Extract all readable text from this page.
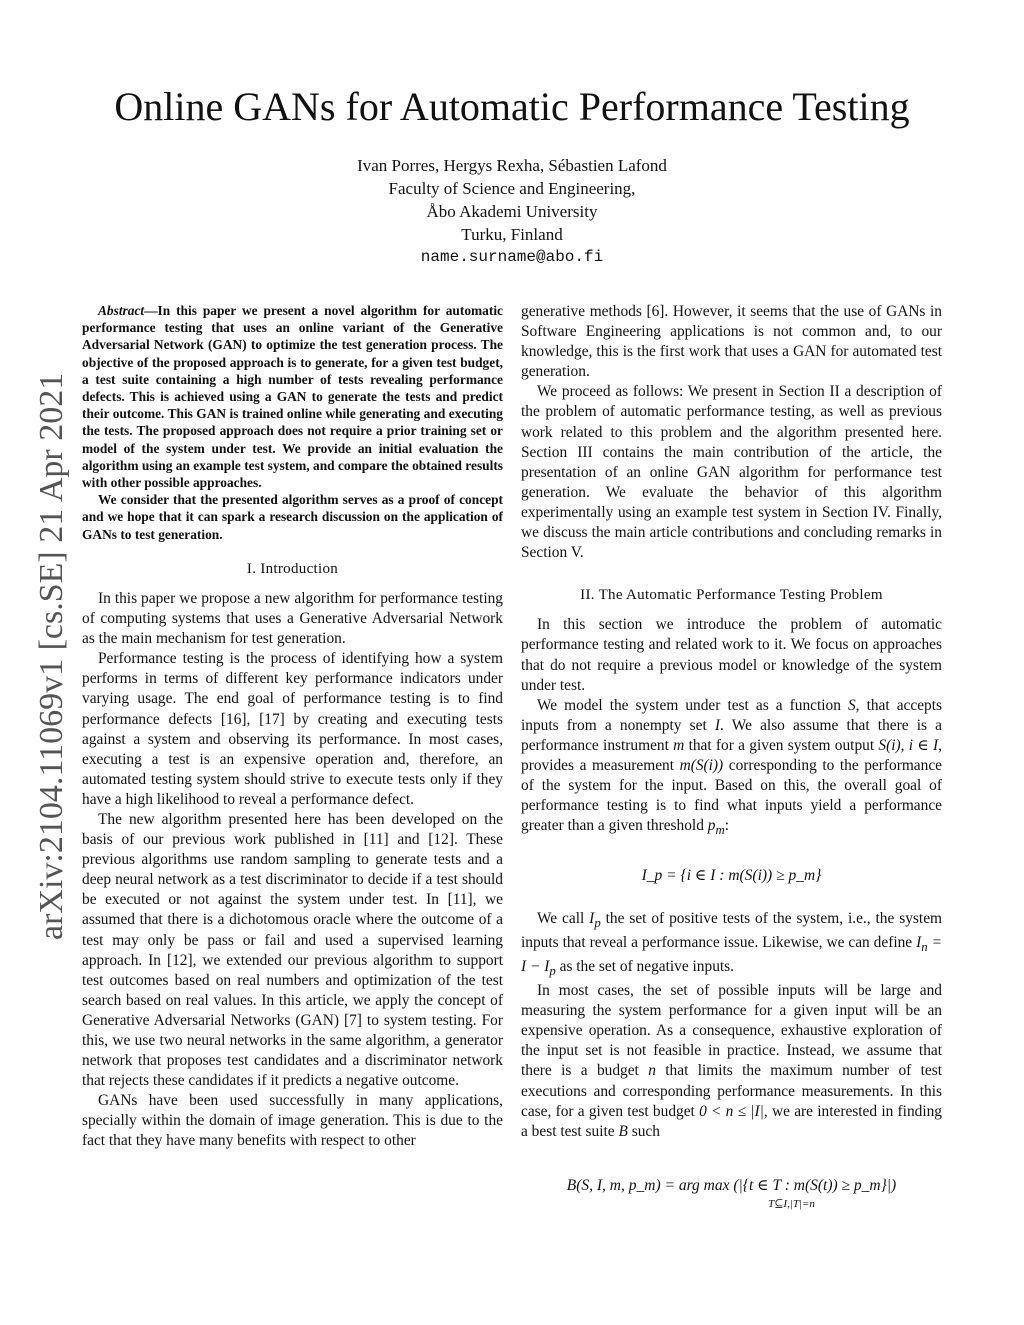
Online GANs for Automatic Performance Testing
Ivan Porres, Hergys Rexha, Sébastien Lafond
Faculty of Science and Engineering,
Åbo Akademi University
Turku, Finland
name.surname@abo.fi
arXiv:2104.11069v1 [cs.SE] 21 Apr 2021

Abstract—In this paper we present a novel algorithm for automatic performance testing that uses an online variant of the Generative Adversarial Network (GAN) to optimize the test generation process. The objective of the proposed approach is to generate, for a given test budget, a test suite containing a high number of tests revealing performance defects. This is achieved using a GAN to generate the tests and predict their outcome. This GAN is trained online while generating and executing the tests. The proposed approach does not require a prior training set or model of the system under test. We provide an initial evaluation the algorithm using an example test system, and compare the obtained results with other possible approaches.

We consider that the presented algorithm serves as a proof of concept and we hope that it can spark a research discussion on the application of GANs to test generation.

I. Introduction

In this paper we propose a new algorithm for performance testing of computing systems that uses a Generative Adversarial Network as the main mechanism for test generation.

Performance testing is the process of identifying how a system performs in terms of different key performance indicators under varying usage. The end goal of performance testing is to find performance defects [16], [17] by creating and executing tests against a system and observing its performance. In most cases, executing a test is an expensive operation and, therefore, an automated testing system should strive to execute tests only if they have a high likelihood to reveal a performance defect.

The new algorithm presented here has been developed on the basis of our previous work published in [11] and [12]. These previous algorithms use random sampling to generate tests and a deep neural network as a test discriminator to decide if a test should be executed or not against the system under test. In [11], we assumed that there is a dichotomous oracle where the outcome of a test may only be pass or fail and used a supervised learning approach. In [12], we extended our previous algorithm to support test outcomes based on real numbers and optimization of the test search based on real values. In this article, we apply the concept of Generative Adversarial Networks (GAN) [7] to system testing. For this, we use two neural networks in the same algorithm, a generator network that proposes test candidates and a discriminator network that rejects these candidates if it predicts a negative outcome.

GANs have been used successfully in many applications, specially within the domain of image generation. This is due to the fact that they have many benefits with respect to other

generative methods [6]. However, it seems that the use of GANs in Software Engineering applications is not common and, to our knowledge, this is the first work that uses a GAN for automated test generation.

We proceed as follows: We present in Section II a description of the problem of automatic performance testing, as well as previous work related to this problem and the algorithm presented here. Section III contains the main contribution of the article, the presentation of an online GAN algorithm for performance test generation. We evaluate the behavior of this algorithm experimentally using an example test system in Section IV. Finally, we discuss the main article contributions and concluding remarks in Section V.

II. The Automatic Performance Testing Problem

In this section we introduce the problem of automatic performance testing and related work to it. We focus on approaches that do not require a previous model or knowledge of the system under test.

We model the system under test as a function S, that accepts inputs from a nonempty set I. We also assume that there is a performance instrument m that for a given system output S(i), i ∈ I, provides a measurement m(S(i)) corresponding to the performance of the system for the input. Based on this, the overall goal of performance testing is to find what inputs yield a performance greater than a given threshold $p_m$:

I_p = {i ∈ I : m(S(i)) ≥ p_m}

We call $I_p$ the set of positive tests of the system, i.e., the system inputs that reveal a performance issue. Likewise, we can define $I_n = I - I_p$ as the set of negative inputs.

In most cases, the set of possible inputs will be large and measuring the system performance for a given input will be an expensive operation. As a consequence, exhaustive exploration of the input set is not feasible in practice. Instead, we assume that there is a budget n that limits the maximum number of test executions and corresponding performance measurements. In this case, for a given test budget 0 < n ≤ |I|, we are interested in finding a best test suite B such

B(S, I, m, p_m) = arg max (|{t ∈ T : m(S(t)) ≥ p_m}|)
T⊆I,|T|=n
